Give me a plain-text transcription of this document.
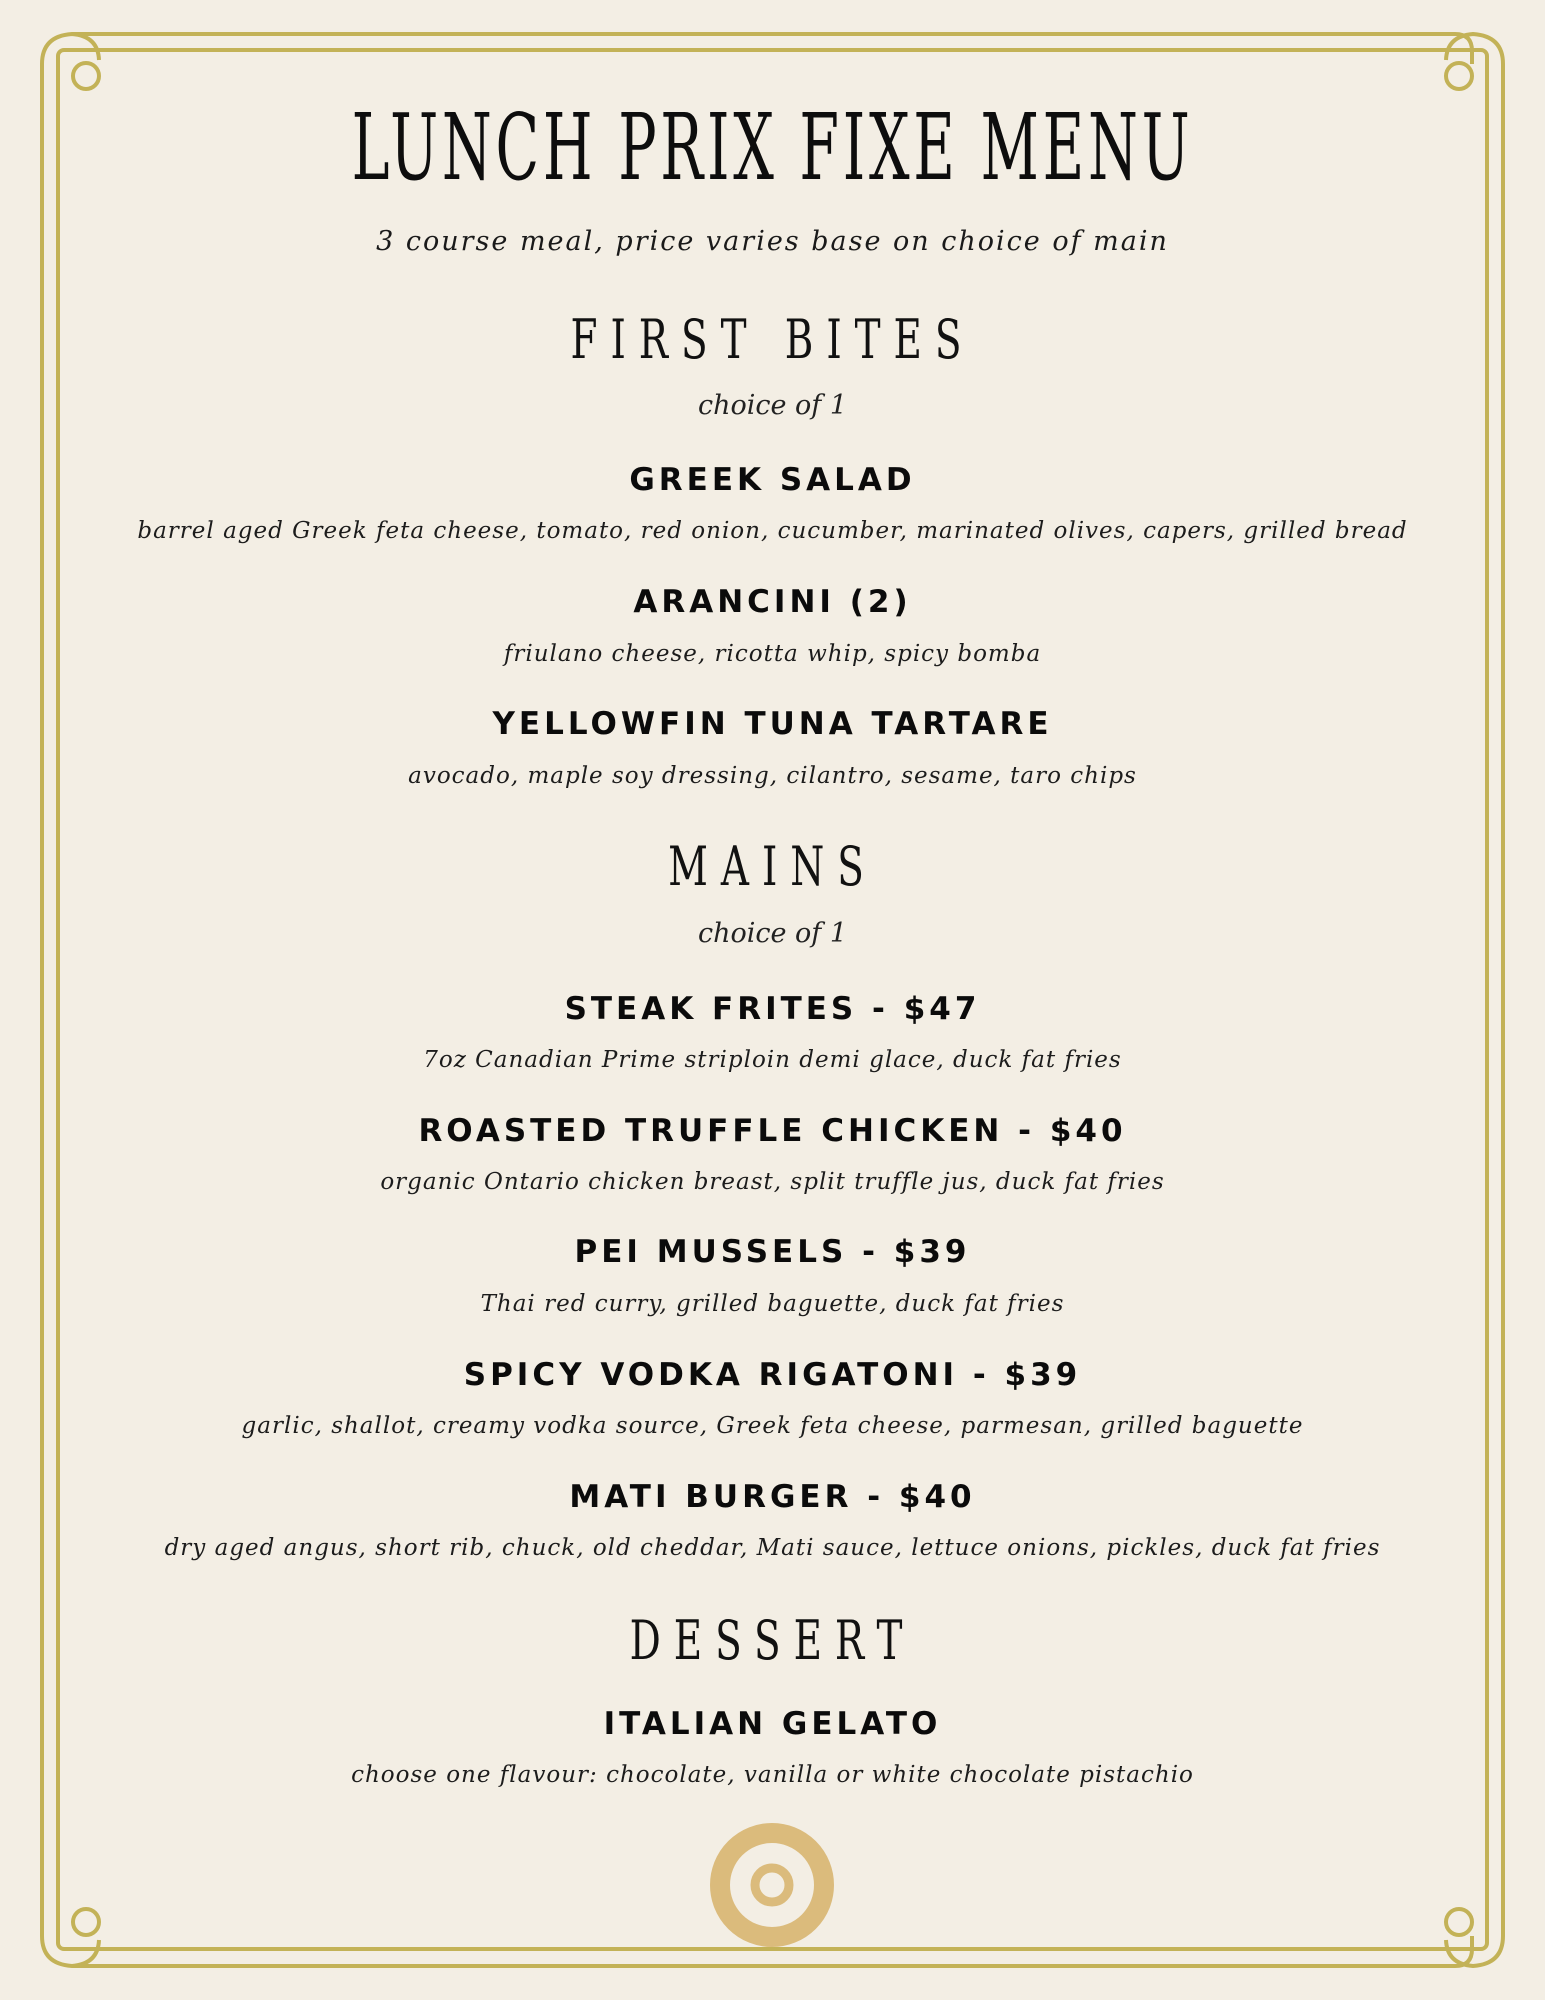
LUNCH PRIX FIXE MENU
3 course meal, price varies base on choice of main
FIRST BITES
choice of 1
GREEK SALAD
barrel aged Greek feta cheese, tomato, red onion, cucumber, marinated olives, capers, grilled bread
ARANCINI (2)
friulano cheese, ricotta whip, spicy bomba
YELLOWFIN TUNA TARTARE
avocado, maple soy dressing, cilantro, sesame, taro chips
MAINS
choice of 1
STEAK FRITES - $47
7oz Canadian Prime striploin demi glace, duck fat fries
ROASTED TRUFFLE CHICKEN - $40
organic Ontario chicken breast, split truffle jus, duck fat fries
PEI MUSSELS - $39
Thai red curry, grilled baguette, duck fat fries
SPICY VODKA RIGATONI - $39
garlic, shallot, creamy vodka source, Greek feta cheese, parmesan, grilled baguette
MATI BURGER - $40
dry aged angus, short rib, chuck, old cheddar, Mati sauce, lettuce onions, pickles, duck fat fries
DESSERT
ITALIAN GELATO
choose one flavour: chocolate, vanilla or white chocolate pistachio
